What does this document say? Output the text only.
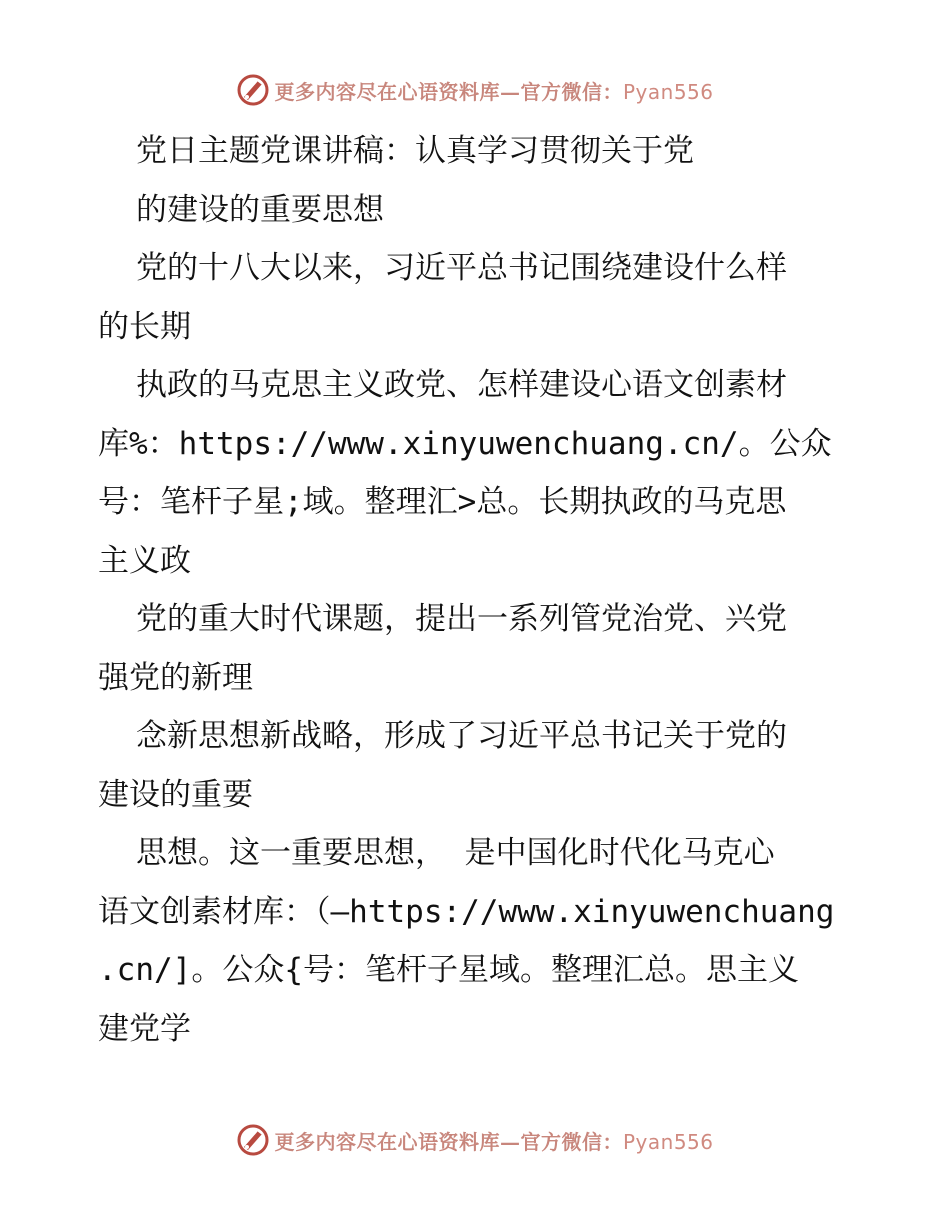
更多内容尽在心语资料库—官方微信：Pyan556
党日主题党课讲稿：认真学习贯彻关于党
的建设的重要思想
党的十八大以来，习近平总书记围绕建设什么样
的长期
执政的马克思主义政党、怎样建设心语文创素材
库%：https://www.xinyuwenchuang.cn/。公众
号：笔杆子星;域。整理汇>总。长期执政的马克思
主义政
党的重大时代课题，提出一系列管党治党、兴党
强党的新理
念新思想新战略，形成了习近平总书记关于党的
建设的重要
思想。这一重要思想， 是中国化时代化马克心
语文创素材库：（—https://www.xinyuwenchuang
.cn/]。公众{号：笔杆子星域。整理汇总。思主义
建党学
更多内容尽在心语资料库—官方微信：Pyan556
